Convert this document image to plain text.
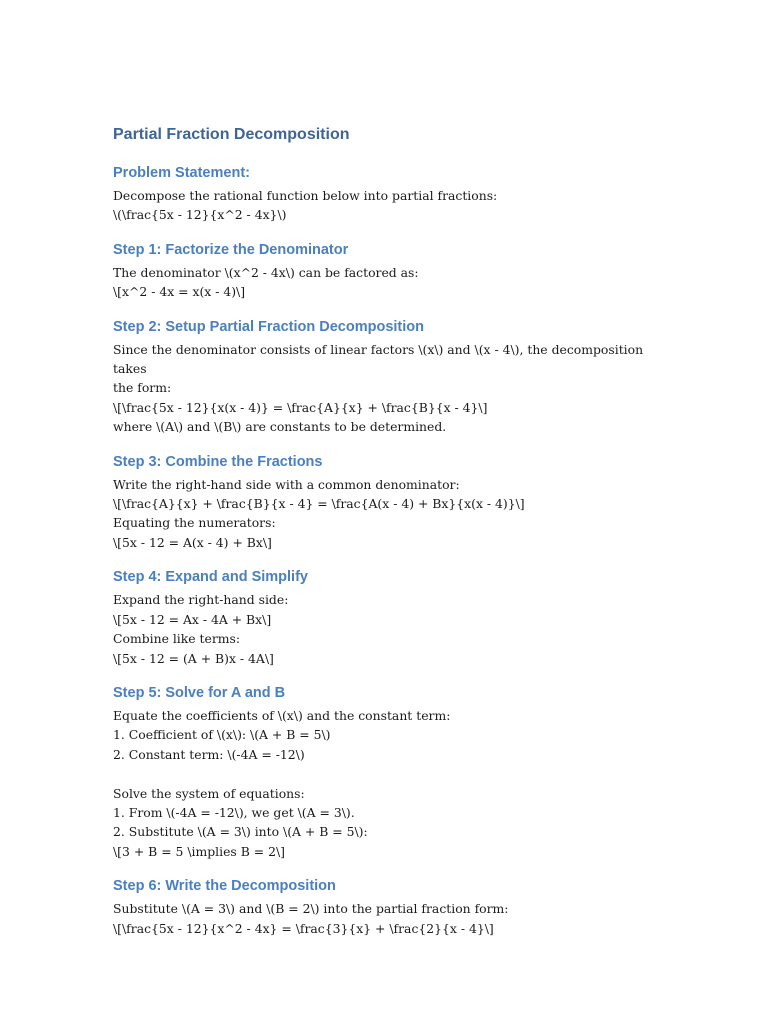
Partial Fraction Decomposition
Problem Statement:

Decompose the rational function below into partial fractions:

\(\frac{5x - 12}{x^2 - 4x}\)

Step 1: Factorize the Denominator

The denominator \(x^2 - 4x\) can be factored as:

\[x^2 - 4x = x(x - 4)\]

Step 2: Setup Partial Fraction Decomposition

Since the denominator consists of linear factors \(x\) and \(x - 4\), the decomposition takes

the form:

\[\frac{5x - 12}{x(x - 4)} = \frac{A}{x} + \frac{B}{x - 4}\]

where \(A\) and \(B\) are constants to be determined.

Step 3: Combine the Fractions

Write the right-hand side with a common denominator:

\[\frac{A}{x} + \frac{B}{x - 4} = \frac{A(x - 4) + Bx}{x(x - 4)}\]

Equating the numerators:

\[5x - 12 = A(x - 4) + Bx\]

Step 4: Expand and Simplify

Expand the right-hand side:

\[5x - 12 = Ax - 4A + Bx\]

Combine like terms:

\[5x - 12 = (A + B)x - 4A\]

Step 5: Solve for A and B

Equate the coefficients of \(x\) and the constant term:

1. Coefficient of \(x\): \(A + B = 5\)

2. Constant term: \(-4A = -12\)

Solve the system of equations:

1. From \(-4A = -12\), we get \(A = 3\).

2. Substitute \(A = 3\) into \(A + B = 5\):

\[3 + B = 5 \implies B = 2\]

Step 6: Write the Decomposition

Substitute \(A = 3\) and \(B = 2\) into the partial fraction form:

\[\frac{5x - 12}{x^2 - 4x} = \frac{3}{x} + \frac{2}{x - 4}\]
